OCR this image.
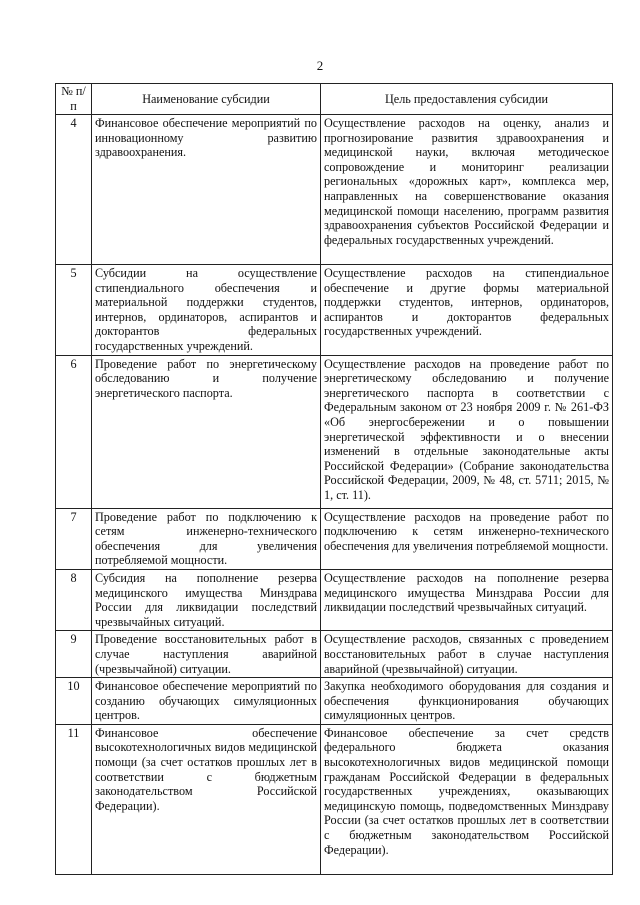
2
№ п/п	Наименование субсидии	Цель предоставления субсидии
4	Финансовое обеспечение мероприятий по инновационному развитию здравоохранения.	Осуществление расходов на оценку, анализ и прогнозирование развития здравоохранения и медицинской науки, включая методическое сопровождение и мониторинг реализации региональных «дорожных карт», комплекса мер, направленных на совершенствование оказания медицинской помощи населению, программ развития здравоохранения субъектов Российской Федерации и федеральных государственных учреждений.
5	Субсидии на осуществление стипендиального обеспечения и материальной поддержки студентов, интернов, ординаторов, аспирантов и докторантов федеральных государственных учреждений.	Осуществление расходов на стипендиальное обеспечение и другие формы материальной поддержки студентов, интернов, ординаторов, аспирантов и докторантов федеральных государственных учреждений.
6	Проведение работ по энергетическому обследованию и получение энергетического паспорта.	Осуществление расходов на проведение работ по энергетическому обследованию и получение энергетического паспорта в соответствии с Федеральным законом от 23 ноября 2009 г. № 261-ФЗ «Об энергосбережении и о повышении энергетической эффективности и о внесении изменений в отдельные законодательные акты Российской Федерации» (Собрание законодательства Российской Федерации, 2009, № 48, ст. 5711; 2015, № 1, ст. 11).
7	Проведение работ по подключению к сетям инженерно-технического обеспечения для увеличения потребляемой мощности.	Осуществление расходов на проведение работ по подключению к сетям инженерно-технического обеспечения для увеличения потребляемой мощности.
8	Субсидия на пополнение резерва медицинского имущества Минздрава России для ликвидации последствий чрезвычайных ситуаций.	Осуществление расходов на пополнение резерва медицинского имущества Минздрава России для ликвидации последствий чрезвычайных ситуаций.
9	Проведение восстановительных работ в случае наступления аварийной (чрезвычайной) ситуации.	Осуществление расходов, связанных с проведением восстановительных работ в случае наступления аварийной (чрезвычайной) ситуации.
10	Финансовое обеспечение мероприятий по созданию обучающих симуляционных центров.	Закупка необходимого оборудования для создания и обеспечения функционирования обучающих симуляционных центров.
11	Финансовое обеспечение высокотехнологичных видов медицинской помощи (за счет остатков прошлых лет в соответствии с бюджетным законодательством Российской Федерации).	Финансовое обеспечение за счет средств федерального бюджета оказания высокотехнологичных видов медицинской помощи гражданам Российской Федерации в федеральных государственных учреждениях, оказывающих медицинскую помощь, подведомственных Минздраву России (за счет остатков прошлых лет в соответствии с бюджетным законодательством Российской Федерации).
